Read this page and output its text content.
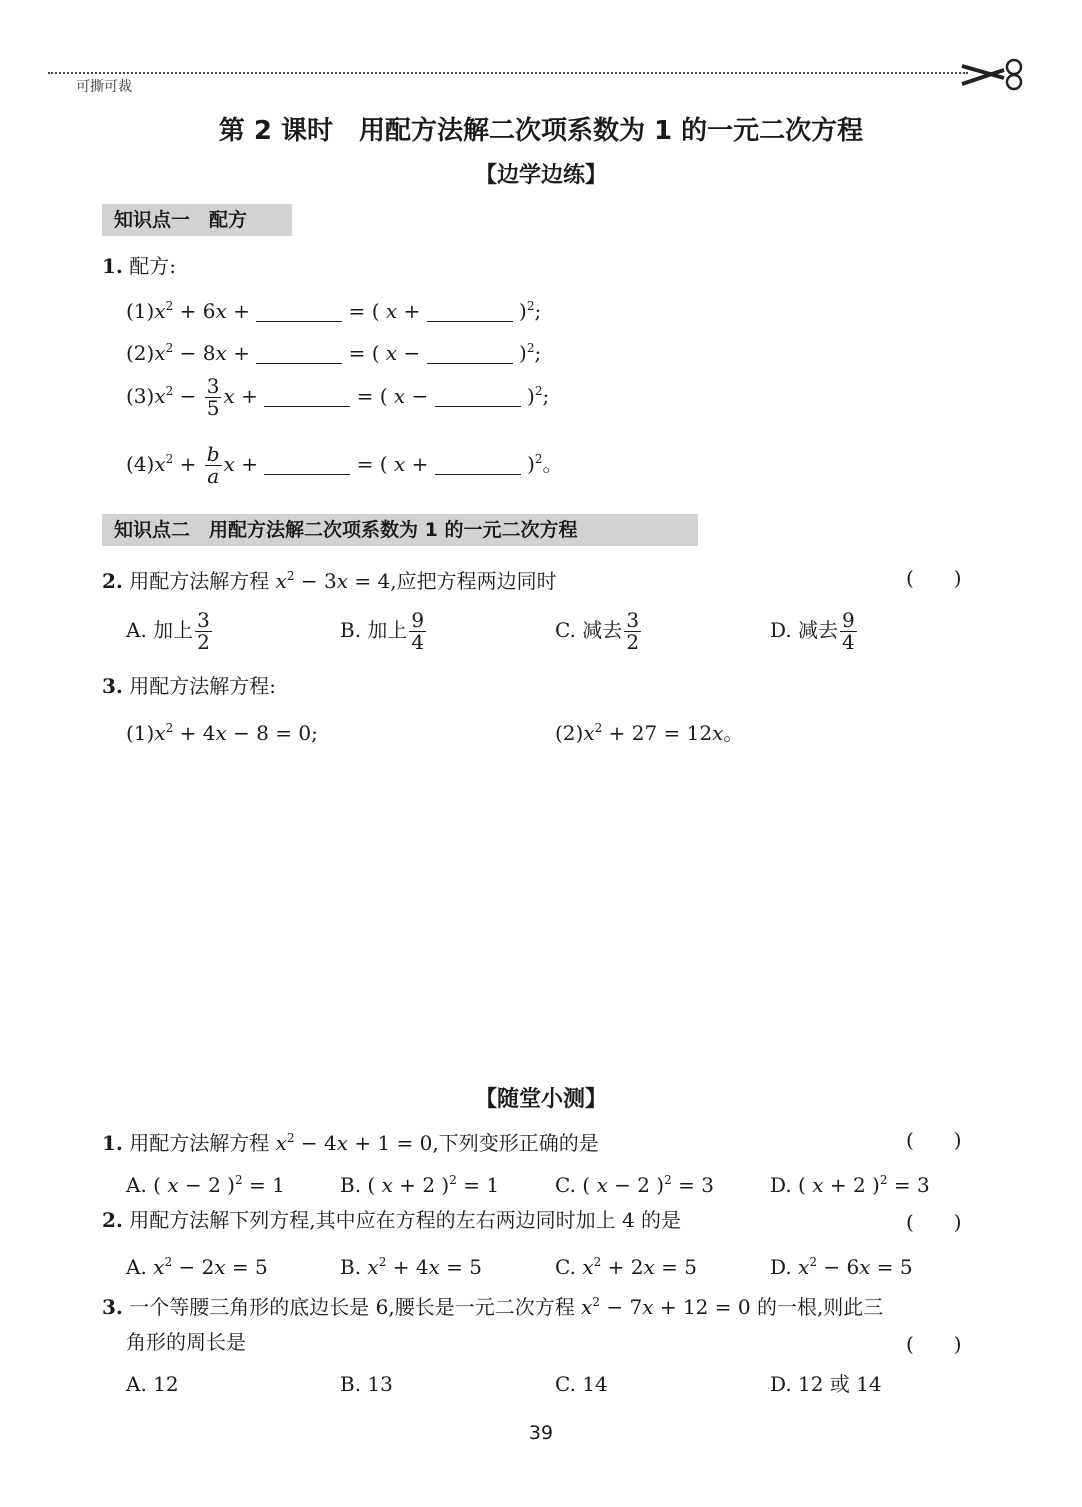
可撕可裁
第 2 课时　用配方法解二次项系数为 1 的一元二次方程
【边学边练】
知识点一　配方
1. 配方:
$(1)x^2 + 6x$ +	= ( x +	)$^2$;
$(2)x^2 - 8x$ +	= ( x −	)$^2$;
$(3)x^2 - \frac{3}{5}$ x +	= ( x −	)$^2$;
$(4)x^2 + \frac{b}{a}$ x +	= ( x +	)$^2$。
知识点二　用配方法解二次项系数为 1 的一元二次方程
2. 用配方法解方程 $x^2 - 3x = 4$,应把方程两边同时	(　　)
A. 加上 $\frac{3}{2}$	B. 加上 $\frac{9}{4}$	C. 减去 $\frac{3}{2}$	D. 减去 $\frac{9}{4}$
3. 用配方法解方程:
$(1)x^2 + 4x - 8 = 0$;	$(2)x^2 + 27 = 12x$。
【随堂小测】
1. 用配方法解方程 $x^2 - 4x + 1 = 0$,下列变形正确的是	(　　)
A. ( x − 2 )$^2$ = 1	B. ( x + 2 )$^2$ = 1	C. ( x − 2 )$^2$ = 3	D. ( x + 2 )$^2$ = 3
2. 用配方法解下列方程,其中应在方程的左右两边同时加上 4 的是	(　　)
A. $x^2 - 2x = 5$	B. $x^2 + 4x = 5$	C. $x^2 + 2x = 5$	D. $x^2 - 6x = 5$
3. 一个等腰三角形的底边长是 6,腰长是一元二次方程 $x^2 - 7x + 12 = 0$ 的一根,则此三
角形的周长是	(　　)
A. 12	B. 13	C. 14	D. 12 或 14
39
